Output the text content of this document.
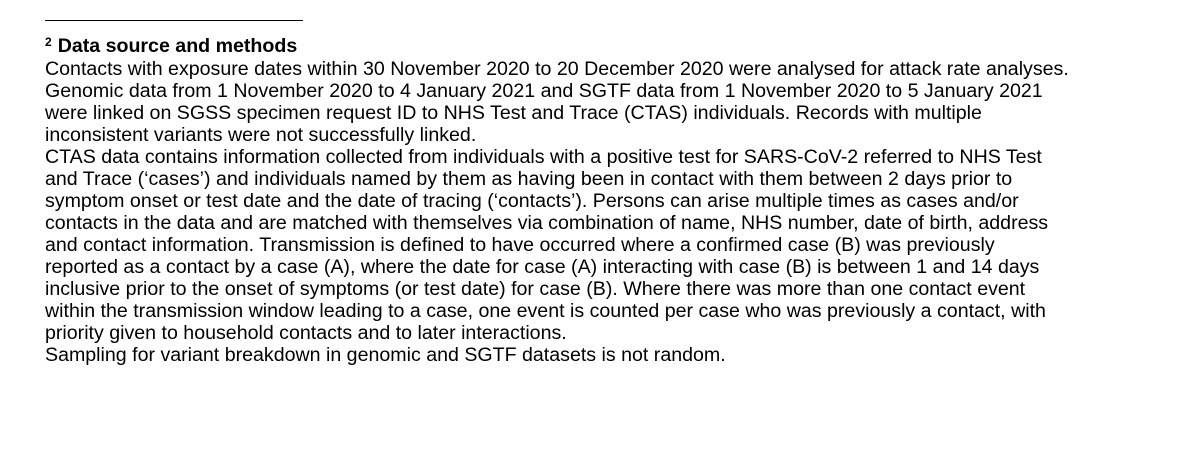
$^2$ Data source and methods
Contacts with exposure dates within 30 November 2020 to 20 December 2020 were analysed for attack rate analyses.
Genomic data from 1 November 2020 to 4 January 2021 and SGTF data from 1 November 2020 to 5 January 2021
were linked on SGSS specimen request ID to NHS Test and Trace (CTAS) individuals. Records with multiple
inconsistent variants were not successfully linked.
CTAS data contains information collected from individuals with a positive test for SARS-CoV-2 referred to NHS Test
and Trace (‘cases’) and individuals named by them as having been in contact with them between 2 days prior to
symptom onset or test date and the date of tracing (‘contacts’). Persons can arise multiple times as cases and/or
contacts in the data and are matched with themselves via combination of name, NHS number, date of birth, address
and contact information. Transmission is defined to have occurred where a confirmed case (B) was previously
reported as a contact by a case (A), where the date for case (A) interacting with case (B) is between 1 and 14 days
inclusive prior to the onset of symptoms (or test date) for case (B). Where there was more than one contact event
within the transmission window leading to a case, one event is counted per case who was previously a contact, with
priority given to household contacts and to later interactions.
Sampling for variant breakdown in genomic and SGTF datasets is not random.
